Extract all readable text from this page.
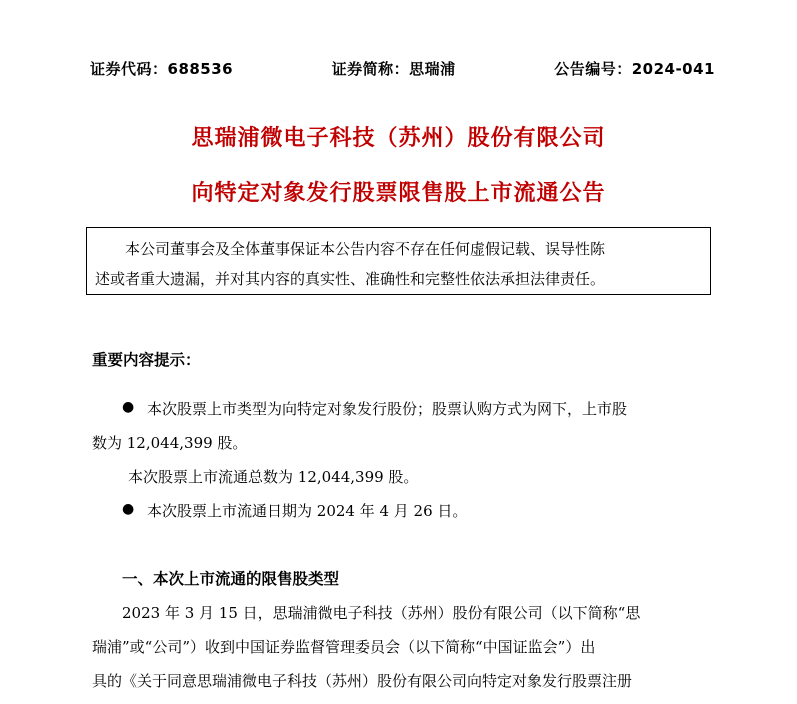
证券代码：688536	证券简称：思瑞浦	公告编号：2024-041
思瑞浦微电子科技（苏州）股份有限公司
向特定对象发行股票限售股上市流通公告
本公司董事会及全体董事保证本公告内容不存在任何虚假记载、误导性陈
述或者重大遗漏，并对其内容的真实性、准确性和完整性依法承担法律责任。
重要内容提示：
● 本次股票上市类型为向特定对象发行股份；股票认购方式为网下，上市股
数为 12,044,399 股。
本次股票上市流通总数为 12,044,399 股。
● 本次股票上市流通日期为 2024 年 4 月 26 日。
一、本次上市流通的限售股类型
2023 年 3 月 15 日，思瑞浦微电子科技（苏州）股份有限公司（以下简称“思
瑞浦”或“公司”）收到中国证券监督管理委员会（以下简称“中国证监会”）出
具的《关于同意思瑞浦微电子科技（苏州）股份有限公司向特定对象发行股票注册
